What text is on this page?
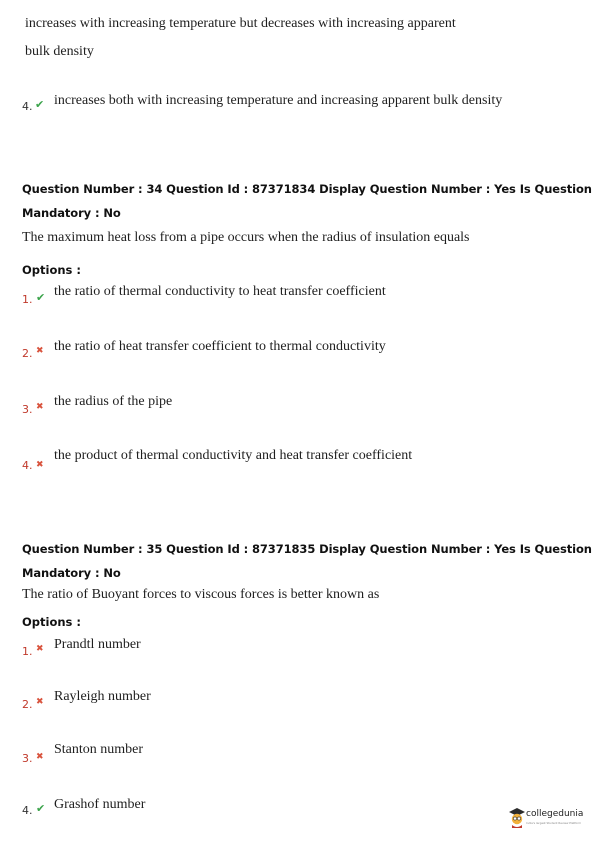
increases with increasing temperature but decreases with increasing apparent
bulk density
4. ✔ increases both with increasing temperature and increasing apparent bulk density
Question Number : 34 Question Id : 87371834 Display Question Number : Yes Is Question
Mandatory : No
The maximum heat loss from a pipe occurs when the radius of insulation equals
Options :
1. ✔ the ratio of thermal conductivity to heat transfer coefficient
2. ✖ the ratio of heat transfer coefficient to thermal conductivity
3. ✖ the radius of the pipe
4. ✖
the product of thermal conductivity and heat transfer coefficient
Question Number : 35 Question Id : 87371835 Display Question Number : Yes Is Question
Mandatory : No
The ratio of Buoyant forces to viscous forces is better known as
Options :
1. ✖ Prandtl number
2. ✖ Rayleigh number
3. ✖ Stanton number
4. ✔ Grashof number
collegedunia
India's largest Student Review Platform
